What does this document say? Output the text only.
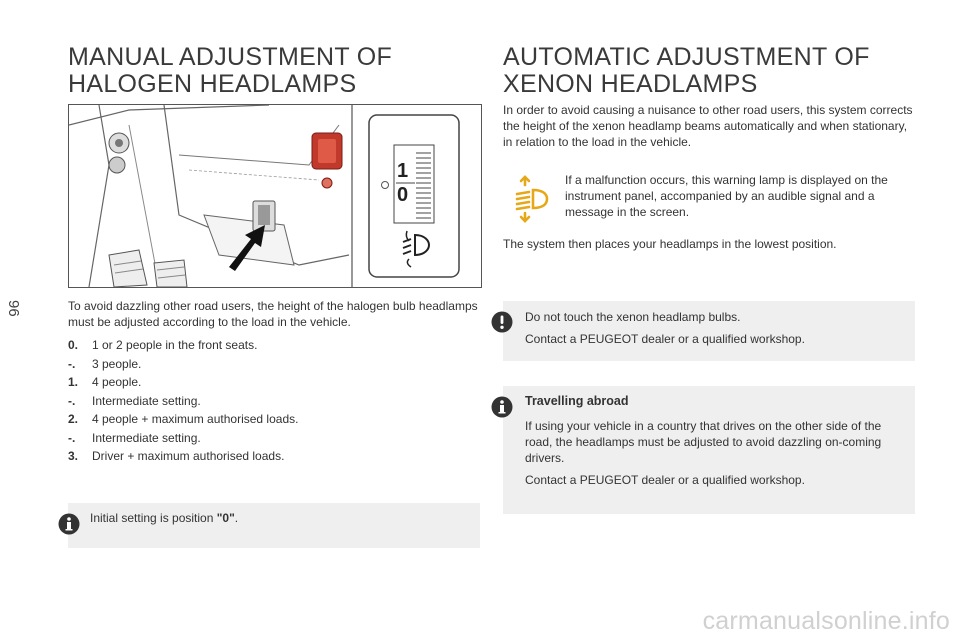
96
MANUAL ADJUSTMENT OF
HALOGEN HEADLAMPS
1
0

To avoid dazzling other road users, the height of the halogen bulb headlamps must be adjusted according to the load in the vehicle.

0.	1 or 2 people in the front seats.
-.	3 people.
1.	4 people.
-.	Intermediate setting.
2.	4 people + maximum authorised loads.
-.	Intermediate setting.
3.	Driver + maximum authorised loads.
Initial setting is position "0".
AUTOMATIC ADJUSTMENT OF
XENON HEADLAMPS

In order to avoid causing a nuisance to other road users, this system corrects the height of the xenon headlamp beams automatically and when stationary, in relation to the load in the vehicle.

If a malfunction occurs, this warning lamp is displayed on the instrument panel, accompanied by an audible signal and a message in the screen.

The system then places your headlamps in the lowest position.

Do not touch the xenon headlamp bulbs.

Contact a PEUGEOT dealer or a qualified workshop.

Travelling abroad

If using your vehicle in a country that drives on the other side of the road, the headlamps must be adjusted to avoid dazzling on-coming drivers.

Contact a PEUGEOT dealer or a qualified workshop.

carmanualsonline.info
